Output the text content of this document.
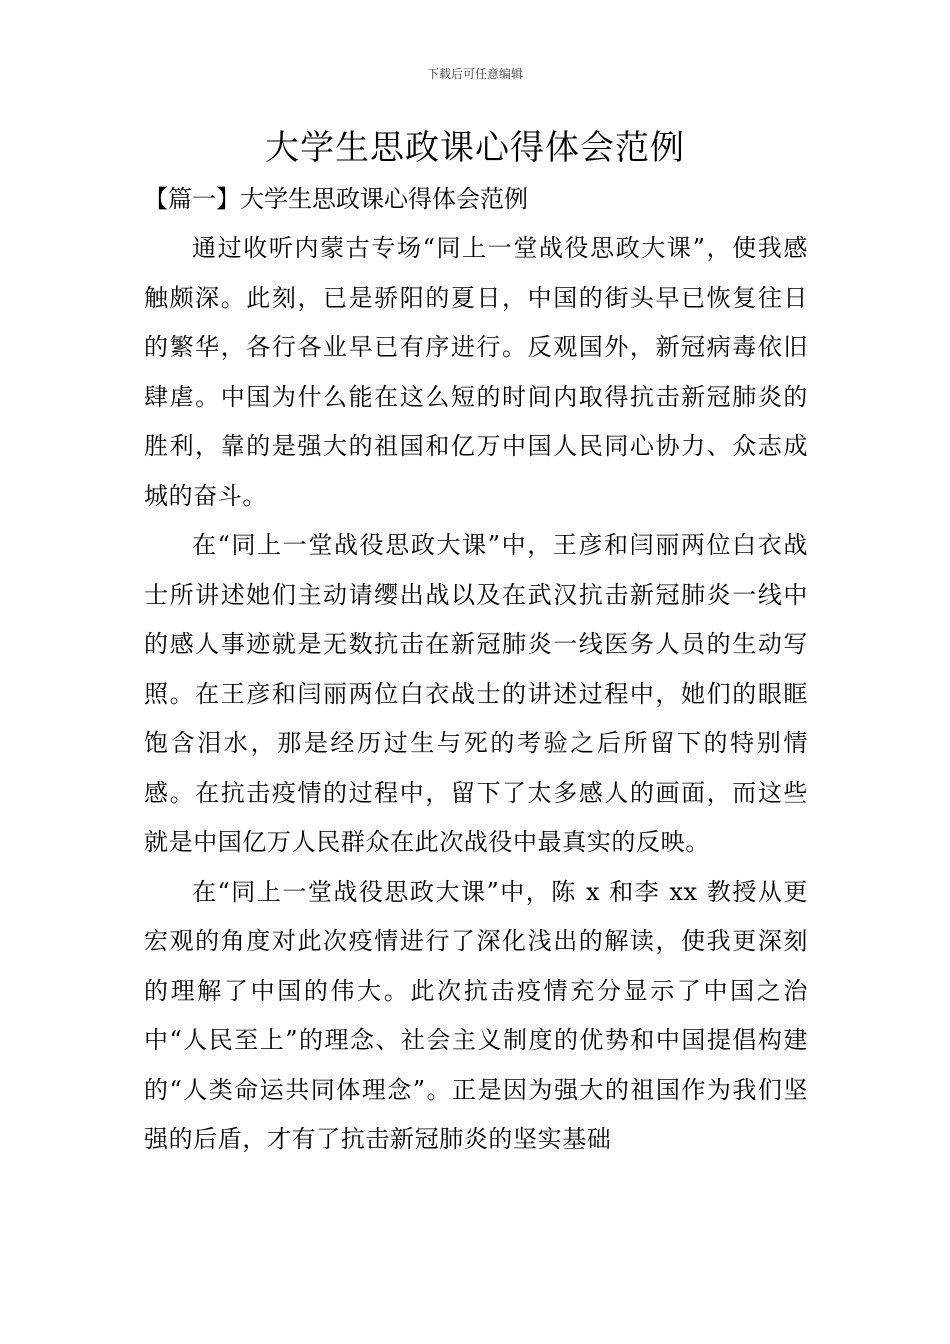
下载后可任意编辑
大学生思政课心得体会范例
【篇一】大学生思政课心得体会范例

通过收听内蒙古专场“同上一堂战役思政大课”，使我感触颇深。此刻，已是骄阳的夏日，中国的街头早已恢复往日的繁华，各行各业早已有序进行。反观国外，新冠病毒依旧肆虐。中国为什么能在这么短的时间内取得抗击新冠肺炎的胜利，靠的是强大的祖国和亿万中国人民同心协力、众志成城的奋斗。

在“同上一堂战役思政大课”中，王彦和闫丽两位白衣战士所讲述她们主动请缨出战以及在武汉抗击新冠肺炎一线中的感人事迹就是无数抗击在新冠肺炎一线医务人员的生动写照。在王彦和闫丽两位白衣战士的讲述过程中，她们的眼眶饱含泪水，那是经历过生与死的考验之后所留下的特别情感。在抗击疫情的过程中，留下了太多感人的画面，而这些就是中国亿万人民群众在此次战役中最真实的反映。

在“同上一堂战役思政大课”中，陈 x 和李 xx 教授从更宏观的角度对此次疫情进行了深化浅出的解读，使我更深刻的理解了中国的伟大。此次抗击疫情充分显示了中国之治中“人民至上”的理念、社会主义制度的优势和中国提倡构建的“人类命运共同体理念”。正是因为强大的祖国作为我们坚强的后盾，才有了抗击新冠肺炎的坚实基础
